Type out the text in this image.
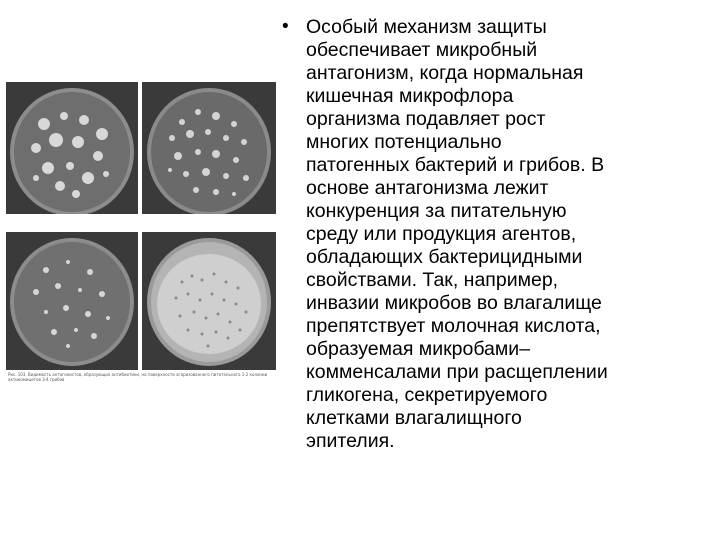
Рис. 103. Видимость антагонистов, образующих антибиотики, на поверхности агаризованного питательного 1-2 колонии актиномицетов 3-4 грибов
• Особый механизм защиты
обеспечивает микробный
антагонизм, когда нормальная
кишечная микрофлора
организма подавляет рост
многих потенциально
патогенных бактерий и грибов. В
основе антагонизма лежит
конкуренция за питательную
среду или продукция агентов,
обладающих бактерицидными
свойствами. Так, например,
инвазии микробов во влагалище
препятствует молочная кислота,
образуемая микробами–
комменсалами при расщеплении
гликогена, секретируемого
клетками влагалищного
эпителия.
